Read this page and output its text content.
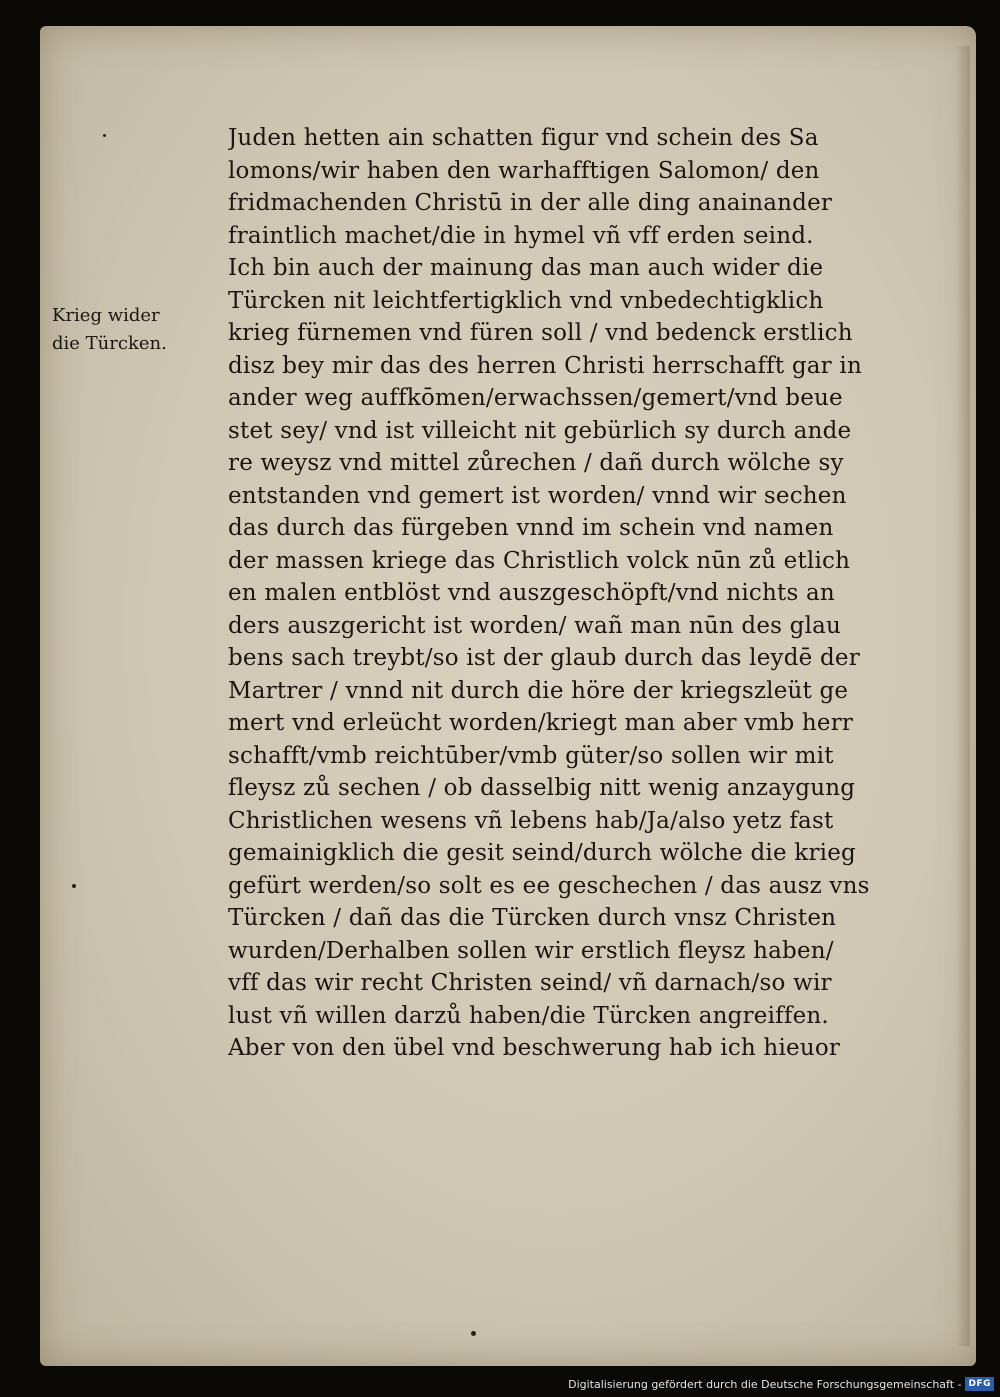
Krieg wider
die Türcken.
Juden hetten ain schatten figur vnd schein des Sa
lomons/wir haben den warhafftigen Salomon/ den
fridmachenden Christū in der alle ding anainander
fraintlich machet/die in hymel vñ vff erden seind.
Ich bin auch der mainung das man auch wider die
Türcken nit leichtfertigklich vnd vnbedechtigklich
krieg fürnemen vnd füren soll / vnd bedenck erstlich
disz bey mir das des herren Christi herrschafft gar in
ander weg auffkōmen/erwachssen/gemert/vnd beue
stet sey/ vnd ist villeicht nit gebürlich sy durch ande
re weysz vnd mittel zůrechen / dañ durch wölche sy
entstanden vnd gemert ist worden/ vnnd wir sechen
das durch das fürgeben vnnd im schein vnd namen
der massen kriege das Christlich volck nūn zů etlich
en malen entblöst vnd auszgeschöpft/vnd nichts an
ders auszgericht ist worden/ wañ man nūn des glau
bens sach treybt/so ist der glaub durch das leydē der
Martrer / vnnd nit durch die höre der kriegszleüt ge
mert vnd erleücht worden/kriegt man aber vmb herr
schafft/vmb reichtūber/vmb güter/so sollen wir mit
fleysz zů sechen / ob dasselbig nitt wenig anzaygung
Christlichen wesens vñ lebens hab/Ja/also yetz fast
gemainigklich die gesit seind/durch wölche die krieg
gefürt werden/so solt es ee geschechen / das ausz vns
Türcken / dañ das die Türcken durch vnsz Christen
wurden/Derhalben sollen wir erstlich fleysz haben/
vff das wir recht Christen seind/ vñ darnach/so wir
lust vñ willen darzů haben/die Türcken angreiffen.
Aber von den übel vnd beschwerung hab ich hieuor
Digitalisierung gefördert durch die Deutsche Forschungsgemeinschaft - DFG
